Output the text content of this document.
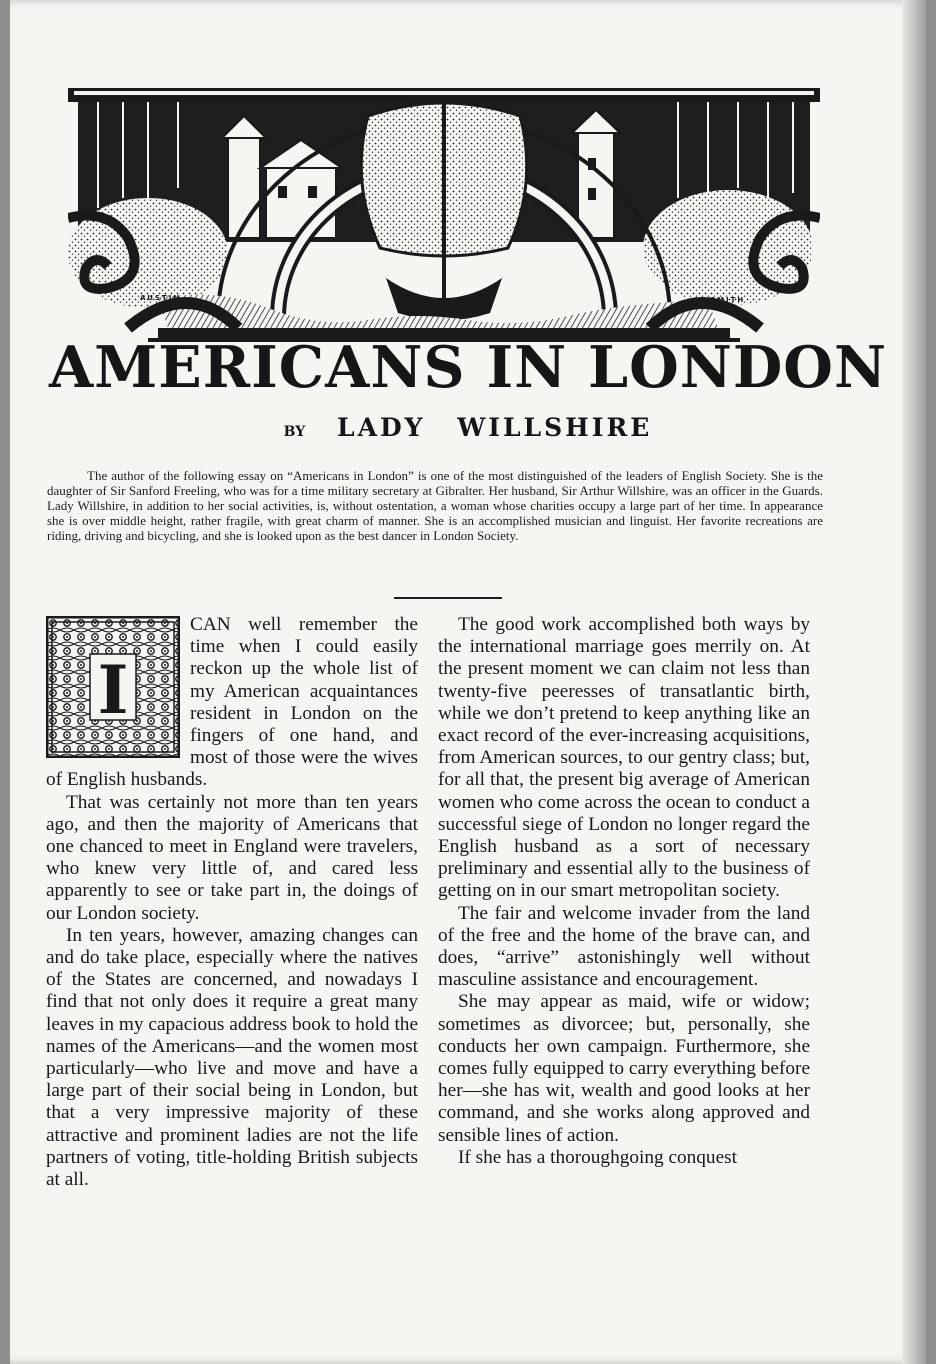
AUSTIN	SMITH
AMERICANS IN LONDON
BY LADY WILLSHIRE

The author of the following essay on “Americans in London” is one of the most distinguished of the leaders of English Society. She is the daughter of Sir Sanford Freeling, who was for a time military secretary at Gibralter. Her husband, Sir Arthur Willshire, was an officer in the Guards. Lady Willshire, in addition to her social activities, is, without ostentation, a woman whose charities occupy a large part of her time. In appearance she is over middle height, rather fragile, with great charm of manner. She is an accomplished musician and linguist. Her favorite recreations are riding, driving and bicycling, and she is looked upon as the best dancer in London Society.

I

CAN well remember the time when I could easily reckon up the whole list of my American acquaintances resident in London on the fingers of one hand, and most of those were the wives of English husbands.

That was certainly not more than ten years ago, and then the majority of Americans that one chanced to meet in England were travelers, who knew very little of, and cared less apparently to see or take part in, the doings of our London society.

In ten years, however, amazing changes can and do take place, especially where the natives of the States are concerned, and nowadays I find that not only does it require a great many leaves in my capacious address book to hold the names of the Americans—and the women most particularly—who live and move and have a large part of their social being in London, but that a very impressive majority of these attractive and prominent ladies are not the life partners of voting, title-holding British subjects at all.

The good work accomplished both ways by the international marriage goes merrily on. At the present moment we can claim not less than twenty-five peeresses of transatlantic birth, while we don’t pretend to keep anything like an exact record of the ever-increasing acquisitions, from American sources, to our gentry class; but, for all that, the present big average of American women who come across the ocean to conduct a successful siege of London no longer regard the English husband as a sort of necessary preliminary and essential ally to the business of getting on in our smart metropolitan society.

The fair and welcome invader from the land of the free and the home of the brave can, and does, “arrive” astonishingly well without masculine assistance and encouragement.

She may appear as maid, wife or widow; sometimes as divorcee; but, personally, she conducts her own campaign. Furthermore, she comes fully equipped to carry everything before her—she has wit, wealth and good looks at her command, and she works along approved and sensible lines of action.

If she has a thoroughgoing conquest
